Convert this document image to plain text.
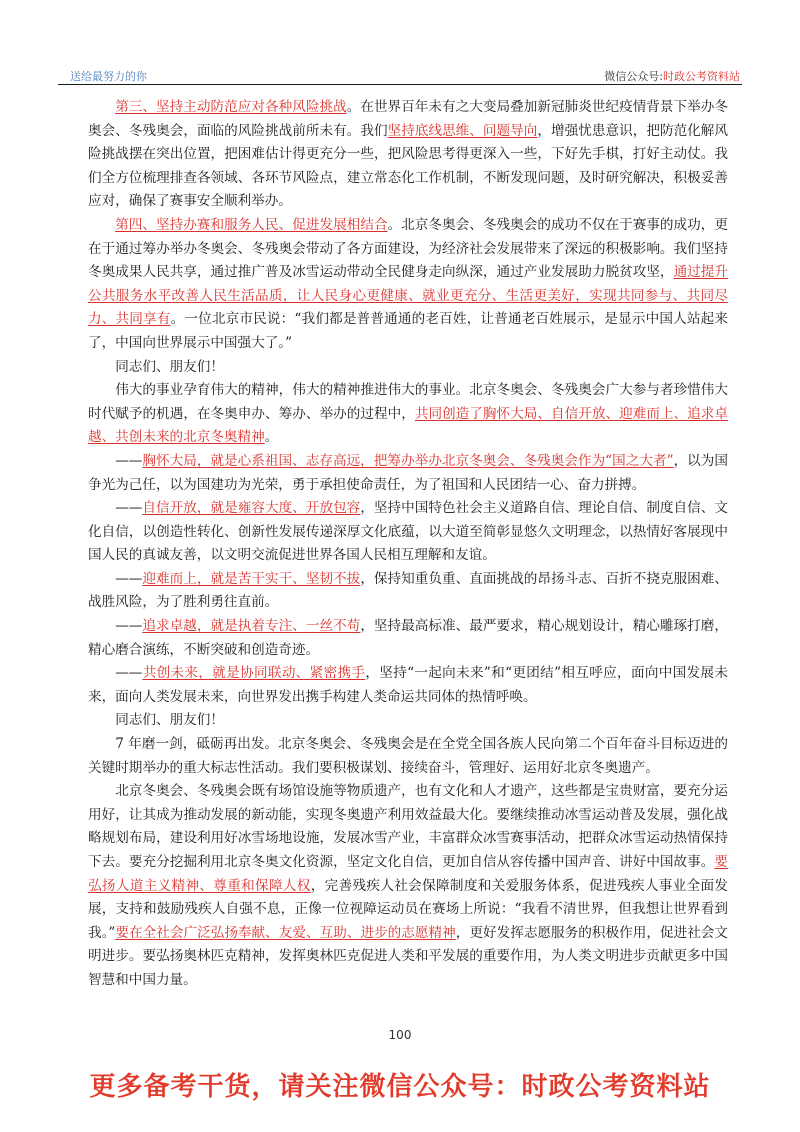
送给最努力的你	微信公众号:时政公考资料站

第三、坚持主动防范应对各种风险挑战。在世界百年未有之大变局叠加新冠肺炎世纪疫情背景下举办冬奥会、冬残奥会，面临的风险挑战前所未有。我们坚持底线思维、问题导向，增强忧患意识，把防范化解风险挑战摆在突出位置，把困难估计得更充分一些，把风险思考得更深入一些，下好先手棋，打好主动仗。我们全方位梳理排查各领域、各环节风险点，建立常态化工作机制，不断发现问题，及时研究解决，积极妥善应对，确保了赛事安全顺利举办。

第四、坚持办赛和服务人民、促进发展相结合。北京冬奥会、冬残奥会的成功不仅在于赛事的成功，更在于通过筹办举办冬奥会、冬残奥会带动了各方面建设，为经济社会发展带来了深远的积极影响。我们坚持冬奥成果人民共享，通过推广普及冰雪运动带动全民健身走向纵深，通过产业发展助力脱贫攻坚，通过提升公共服务水平改善人民生活品质，让人民身心更健康、就业更充分、生活更美好，实现共同参与、共同尽力、共同享有。一位北京市民说：“我们都是普普通通的老百姓，让普通老百姓展示，是显示中国人站起来了，中国向世界展示中国强大了。”

同志们、朋友们！

伟大的事业孕育伟大的精神，伟大的精神推进伟大的事业。北京冬奥会、冬残奥会广大参与者珍惜伟大时代赋予的机遇，在冬奥申办、筹办、举办的过程中，共同创造了胸怀大局、自信开放、迎难而上、追求卓越、共创未来的北京冬奥精神。

——胸怀大局，就是心系祖国、志存高远，把筹办举办北京冬奥会、冬残奥会作为“国之大者”，以为国争光为己任，以为国建功为光荣，勇于承担使命责任，为了祖国和人民团结一心、奋力拼搏。

——自信开放，就是雍容大度、开放包容，坚持中国特色社会主义道路自信、理论自信、制度自信、文化自信，以创造性转化、创新性发展传递深厚文化底蕴，以大道至简彰显悠久文明理念，以热情好客展现中国人民的真诚友善，以文明交流促进世界各国人民相互理解和友谊。

——迎难而上，就是苦干实干、坚韧不拔，保持知重负重、直面挑战的昂扬斗志、百折不挠克服困难、战胜风险，为了胜利勇往直前。

——追求卓越，就是执着专注、一丝不苟，坚持最高标准、最严要求，精心规划设计，精心雕琢打磨，精心磨合演练，不断突破和创造奇迹。

——共创未来，就是协同联动、紧密携手，坚持“一起向未来”和“更团结”相互呼应，面向中国发展未来，面向人类发展未来，向世界发出携手构建人类命运共同体的热情呼唤。

同志们、朋友们！

7 年磨一剑，砥砺再出发。北京冬奥会、冬残奥会是在全党全国各族人民向第二个百年奋斗目标迈进的关键时期举办的重大标志性活动。我们要积极谋划、接续奋斗，管理好、运用好北京冬奥遗产。

北京冬奥会、冬残奥会既有场馆设施等物质遗产，也有文化和人才遗产，这些都是宝贵财富，要充分运用好，让其成为推动发展的新动能，实现冬奥遗产利用效益最大化。要继续推动冰雪运动普及发展，强化战略规划布局，建设利用好冰雪场地设施，发展冰雪产业，丰富群众冰雪赛事活动，把群众冰雪运动热情保持下去。要充分挖掘利用北京冬奥文化资源，坚定文化自信，更加自信从容传播中国声音、讲好中国故事。要弘扬人道主义精神、尊重和保障人权，完善残疾人社会保障制度和关爱服务体系，促进残疾人事业全面发展，支持和鼓励残疾人自强不息，正像一位视障运动员在赛场上所说：“我看不清世界，但我想让世界看到我。”要在全社会广泛弘扬奉献、友爱、互助、进步的志愿精神，更好发挥志愿服务的积极作用，促进社会文明进步。要弘扬奥林匹克精神，发挥奥林匹克促进人类和平发展的重要作用，为人类文明进步贡献更多中国智慧和中国力量。

100
更多备考干货，请关注微信公众号：时政公考资料站
